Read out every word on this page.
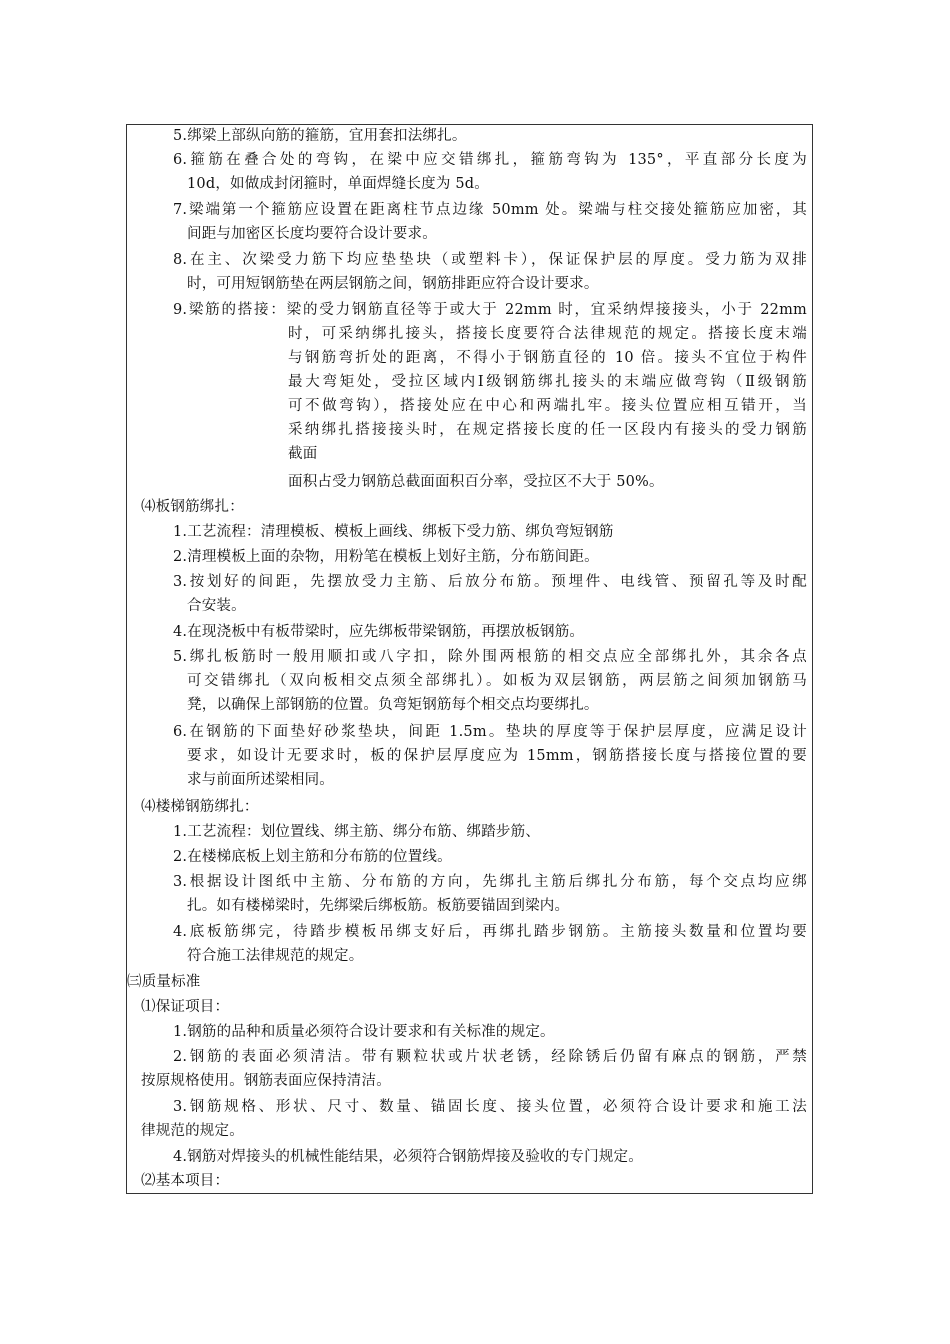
5.绑梁上部纵向筋的箍筋，宜用套扣法绑扎。
6.箍筋在叠合处的弯钩，在梁中应交错绑扎，箍筋弯钩为 135°，平直部分长度为
10d，如做成封闭箍时，单面焊缝长度为 5d。
7.梁端第一个箍筋应设置在距离柱节点边缘 50mm 处。梁端与柱交接处箍筋应加密，其
间距与加密区长度均要符合设计要求。
8.在主、次梁受力筋下均应垫垫块（或塑料卡），保证保护层的厚度。受力筋为双排
时，可用短钢筋垫在两层钢筋之间，钢筋排距应符合设计要求。
9.梁筋的搭接：梁的受力钢筋直径等于或大于 22mm 时，宜采纳焊接接头，小于 22mm
时，可采纳绑扎接头，搭接长度要符合法律规范的规定。搭接长度末端
与钢筋弯折处的距离，不得小于钢筋直径的 10 倍。接头不宜位于构件
最大弯矩处，受拉区域内Ⅰ级钢筋绑扎接头的末端应做弯钩（Ⅱ级钢筋
可不做弯钩），搭接处应在中心和两端扎牢。接头位置应相互错开，当
采纳绑扎搭接接头时，在规定搭接长度的任一区段内有接头的受力钢筋
截面
面积占受力钢筋总截面面积百分率，受拉区不大于 50%。
⑷板钢筋绑扎：
1.工艺流程：清理模板、模板上画线、绑板下受力筋、绑负弯短钢筋
2.清理模板上面的杂物，用粉笔在模板上划好主筋，分布筋间距。
3.按划好的间距，先摆放受力主筋、后放分布筋。预埋件、电线管、预留孔等及时配
合安装。
4.在现浇板中有板带梁时，应先绑板带梁钢筋，再摆放板钢筋。
5.绑扎板筋时一般用顺扣或八字扣，除外围两根筋的相交点应全部绑扎外，其余各点
可交错绑扎（双向板相交点须全部绑扎）。如板为双层钢筋，两层筋之间须加钢筋马
凳，以确保上部钢筋的位置。负弯矩钢筋每个相交点均要绑扎。
6.在钢筋的下面垫好砂浆垫块，间距 1.5m。垫块的厚度等于保护层厚度，应满足设计
要求，如设计无要求时，板的保护层厚度应为 15mm，钢筋搭接长度与搭接位置的要
求与前面所述梁相同。
⑷楼梯钢筋绑扎：
1.工艺流程：划位置线、绑主筋、绑分布筋、绑踏步筋、
2.在楼梯底板上划主筋和分布筋的位置线。
3.根据设计图纸中主筋、分布筋的方向，先绑扎主筋后绑扎分布筋，每个交点均应绑
扎。如有楼梯梁时，先绑梁后绑板筋。板筋要锚固到梁内。
4.底板筋绑完，待踏步模板吊绑支好后，再绑扎踏步钢筋。主筋接头数量和位置均要
符合施工法律规范的规定。
㈢质量标准
⑴保证项目：
1.钢筋的品种和质量必须符合设计要求和有关标准的规定。
2.钢筋的表面必须清洁。带有颗粒状或片状老锈，经除锈后仍留有麻点的钢筋，严禁
按原规格使用。钢筋表面应保持清洁。
3.钢筋规格、形状、尺寸、数量、锚固长度、接头位置，必须符合设计要求和施工法
律规范的规定。
4.钢筋对焊接头的机械性能结果，必须符合钢筋焊接及验收的专门规定。
⑵基本项目：
